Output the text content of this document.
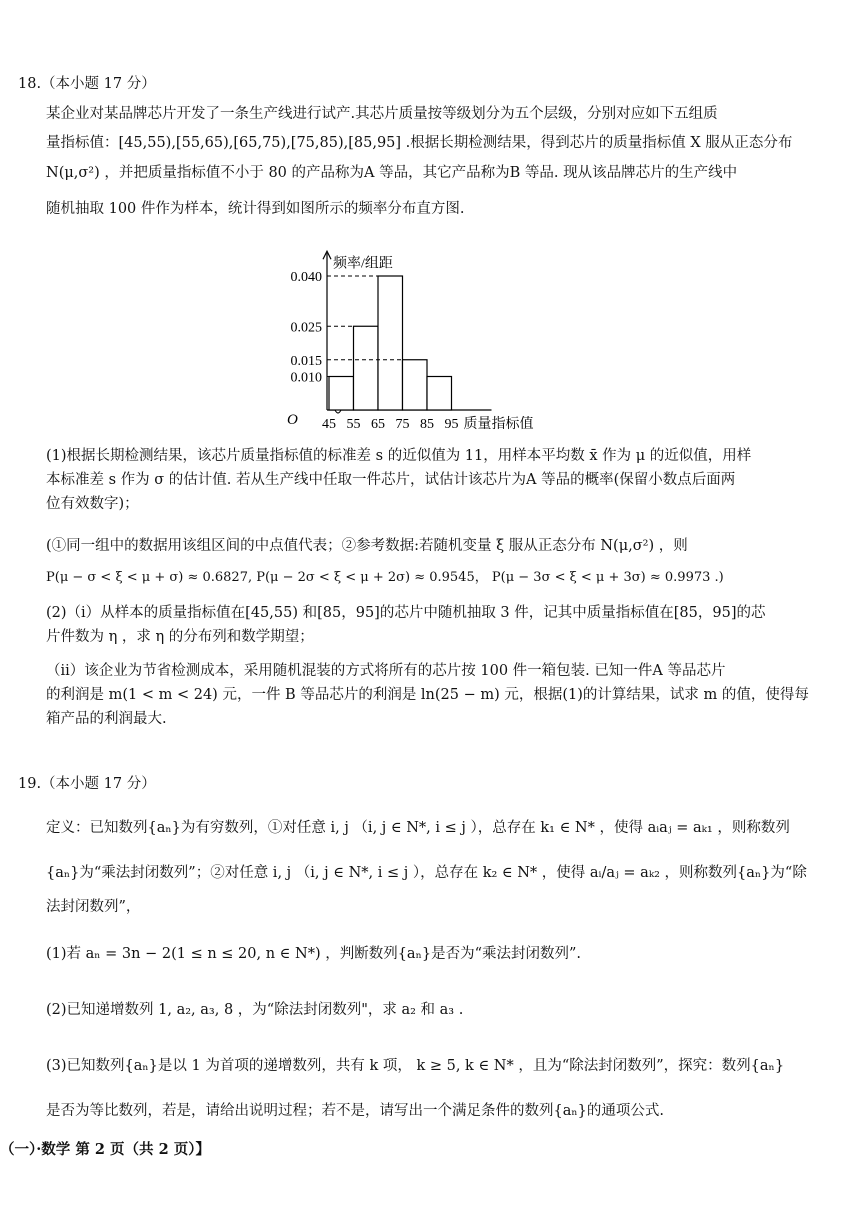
18.（本小题 17 分）
某企业对某品牌芯片开发了一条生产线进行试产.其芯片质量按等级划分为五个层级，分别对应如下五组质
量指标值：[45,55),[55,65),[65,75),[75,85),[85,95] .根据长期检测结果，得到芯片的质量指标值 X 服从正态分布
N(μ,σ²) ，并把质量指标值不小于 80 的产品称为A 等品，其它产品称为B 等品. 现从该品牌芯片的生产线中
随机抽取 100 件作为样本，统计得到如图所示的频率分布直方图.
0.040
0.025
0.015
0.010
45 55 65 75 85 95 质量指标值
频率/组距
O
(1)根据长期检测结果，该芯片质量指标值的标准差 s 的近似值为 11，用样本平均数 x̄ 作为 μ 的近似值，用样
本标准差 s 作为 σ 的估计值. 若从生产线中任取一件芯片，试估计该芯片为A 等品的概率(保留小数点后面两
位有效数字)；
(①同一组中的数据用该组区间的中点值代表；②参考数据:若随机变量 ξ 服从正态分布 N(μ,σ²) ，则
P(μ − σ < ξ < μ + σ) ≈ 0.6827, P(μ − 2σ < ξ < μ + 2σ) ≈ 0.9545， P(μ − 3σ < ξ < μ + 3σ) ≈ 0.9973 .)
(2)（i）从样本的质量指标值在[45,55) 和[85，95]的芯片中随机抽取 3 件，记其中质量指标值在[85，95]的芯
片件数为 η ，求 η 的分布列和数学期望；
（ii）该企业为节省检测成本，采用随机混装的方式将所有的芯片按 100 件一箱包装. 已知一件A 等品芯片
的利润是 m(1 < m < 24) 元，一件 B 等品芯片的利润是 ln(25 − m) 元，根据(1)的计算结果，试求 m 的值，使得每
箱产品的利润最大.
19.（本小题 17 分）
定义：已知数列{aₙ}为有穷数列，①对任意 i, j （i, j ∈ N*, i ≤ j ），总存在 k₁ ∈ N* ，使得 aᵢaⱼ = aₖ₁ ，则称数列
{aₙ}为“乘法封闭数列”；②对任意 i, j （i, j ∈ N*, i ≤ j ），总存在 k₂ ∈ N* ，使得 aᵢ/aⱼ = aₖ₂ ，则称数列{aₙ}为“除
法封闭数列”，
(1)若 aₙ = 3n − 2(1 ≤ n ≤ 20, n ∈ N*) ，判断数列{aₙ}是否为“乘法封闭数列”.
(2)已知递增数列 1, a₂, a₃, 8 ，为“除法封闭数列"，求 a₂ 和 a₃ .
(3)已知数列{aₙ}是以 1 为首项的递增数列，共有 k 项， k ≥ 5, k ∈ N* ，且为“除法封闭数列”，探究：数列{aₙ}
是否为等比数列，若是，请给出说明过程；若不是，请写出一个满足条件的数列{aₙ}的通项公式.
（一）·数学 第 2 页（共 2 页）】
